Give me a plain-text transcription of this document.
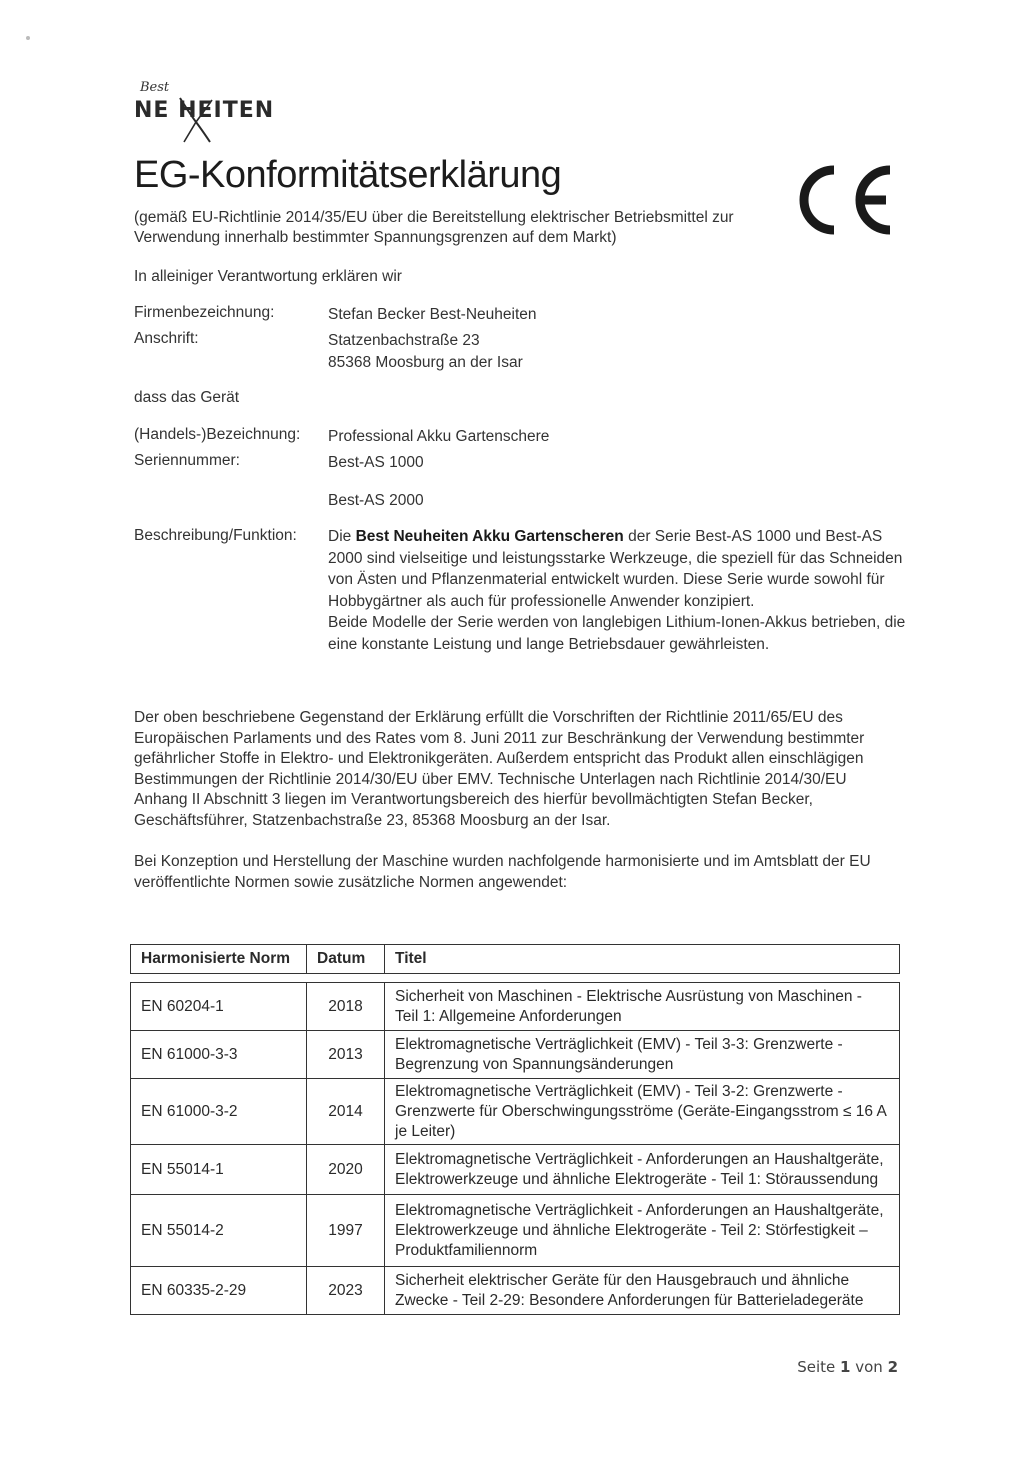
Best
NE HEITEN
EG-Konformitätserklärung
(gemäß EU-Richtlinie 2014/35/EU über die Bereitstellung elektrischer Betriebsmittel zur
Verwendung innerhalb bestimmter Spannungsgrenzen auf dem Markt)
In alleiniger Verantwortung erklären wir
Firmenbezeichnung:	Stefan Becker Best-Neuheiten
Anschrift:	Statzenbachstraße 23
85368 Moosburg an der Isar
dass das Gerät
(Handels-)Bezeichnung: Professional Akku Gartenschere
Seriennummer:	Best-AS 1000
Best-AS 2000
Beschreibung/Funktion: Die Best Neuheiten Akku Gartenscheren der Serie Best-AS 1000 und Best-AS 2000 sind vielseitige und leistungsstarke Werkzeuge, die speziell für das Schneiden von Ästen und Pflanzenmaterial entwickelt wurden. Diese Serie wurde sowohl für Hobbygärtner als auch für professionelle Anwender konzipiert.
Beide Modelle der Serie werden von langlebigen Lithium-Ionen-Akkus betrieben, die eine konstante Leistung und lange Betriebsdauer gewährleisten.
Der oben beschriebene Gegenstand der Erklärung erfüllt die Vorschriften der Richtlinie 2011/65/EU des Europäischen Parlaments und des Rates vom 8. Juni 2011 zur Beschränkung der Verwendung bestimmter gefährlicher Stoffe in Elektro- und Elektronikgeräten. Außerdem entspricht das Produkt allen einschlägigen Bestimmungen der Richtlinie 2014/30/EU über EMV. Technische Unterlagen nach Richtlinie 2014/30/EU Anhang II Abschnitt 3 liegen im Verantwortungsbereich des hierfür bevollmächtigten Stefan Becker, Geschäftsführer, Statzenbachstraße 23, 85368 Moosburg an der Isar.
Bei Konzeption und Herstellung der Maschine wurden nachfolgende harmonisierte und im Amtsblatt der EU veröffentlichte Normen sowie zusätzliche Normen angewendet:
Harmonisierte Norm	Datum	Titel

EN 60204-1	2018	Sicherheit von Maschinen - Elektrische Ausrüstung von Maschinen - Teil 1: Allgemeine Anforderungen
EN 61000-3-3	2013	Elektromagnetische Verträglichkeit (EMV) - Teil 3-3: Grenzwerte - Begrenzung von Spannungsänderungen
EN 61000-3-2	2014	Elektromagnetische Verträglichkeit (EMV) - Teil 3-2: Grenzwerte - Grenzwerte für Oberschwingungsströme (Geräte-Eingangsstrom ≤ 16 A je Leiter)
EN 55014-1	2020	Elektromagnetische Verträglichkeit - Anforderungen an Haushaltgeräte, Elektrowerkzeuge und ähnliche Elektrogeräte - Teil 1: Störaussendung
EN 55014-2	1997	Elektromagnetische Verträglichkeit - Anforderungen an Haushaltgeräte, Elektrowerkzeuge und ähnliche Elektrogeräte - Teil 2: Störfestigkeit – Produktfamiliennorm
EN 60335-2-29	2023	Sicherheit elektrischer Geräte für den Hausgebrauch und ähnliche Zwecke - Teil 2-29: Besondere Anforderungen für Batterieladegeräte
Seite 1 von 2
